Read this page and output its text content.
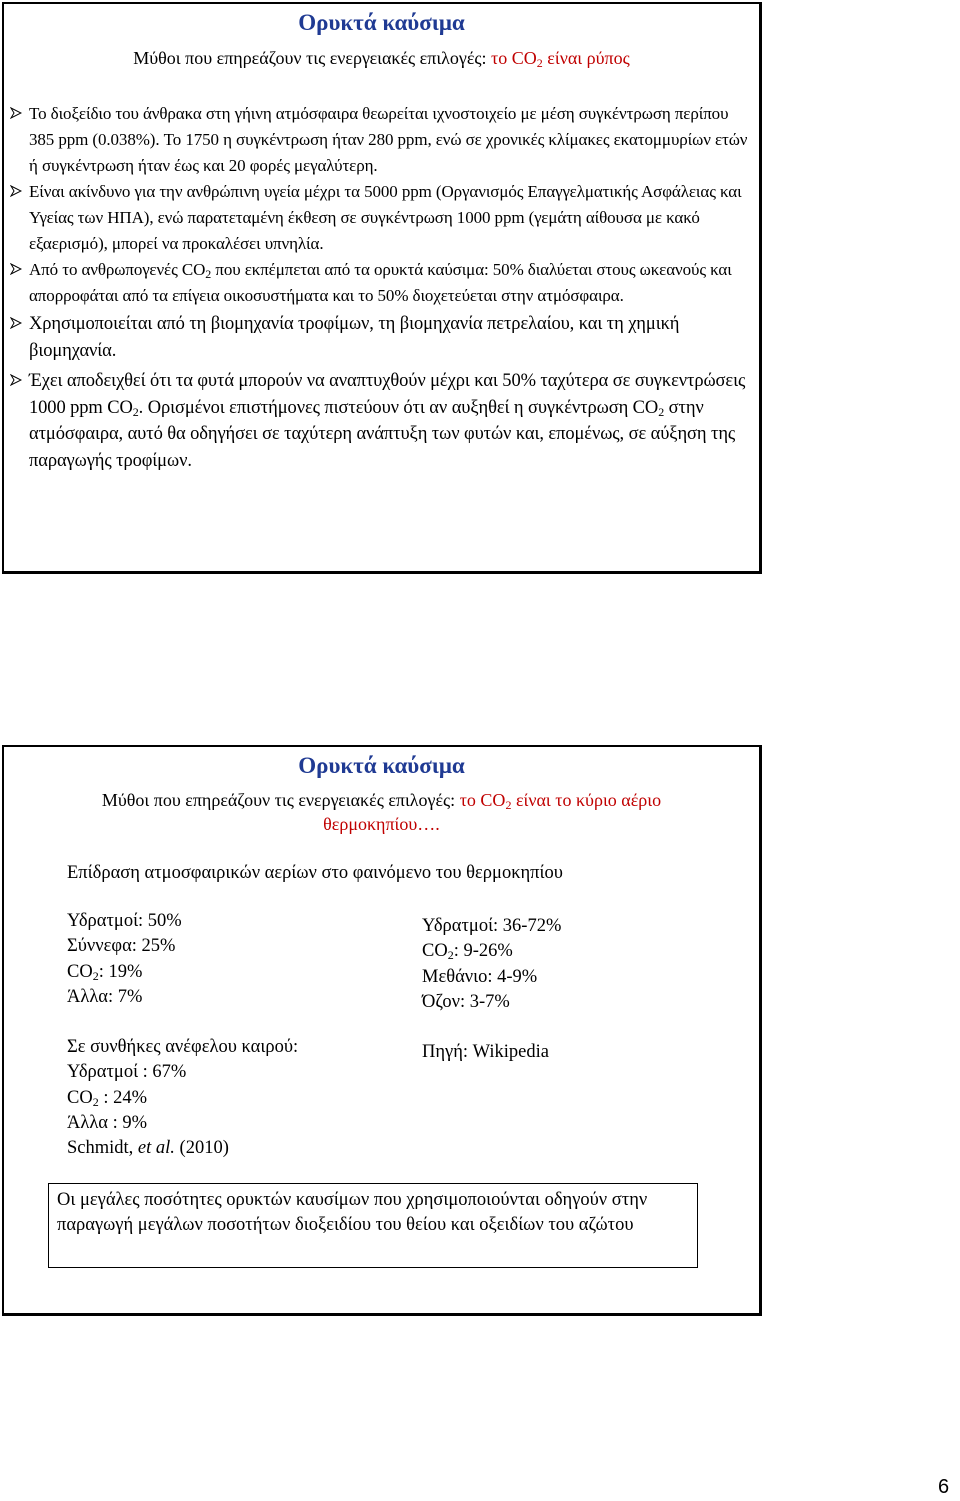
Ορυκτά καύσιμα

Μύθοι που επηρεάζουν τις ενεργειακές επιλογές: το $CO_2$ είναι ρύπος

Το διοξείδιο του άνθρακα στη γήινη ατμόσφαιρα θεωρείται ιχνοστοιχείο με μέση συγκέντρωση περίπου 385 ppm (0.038%). Το 1750 η συγκέντρωση ήταν 280 ppm, ενώ σε χρονικές κλίμακες εκατομμυρίων ετών ή συγκέντρωση ήταν έως και 20 φορές μεγαλύτερη.
Είναι ακίνδυνο για την ανθρώπινη υγεία μέχρι τα 5000 ppm (Οργανισμός Επαγγελματικής Ασφάλειας και Υγείας των ΗΠΑ), ενώ παρατεταμένη έκθεση σε συγκέντρωση 1000 ppm (γεμάτη αίθουσα με κακό εξαερισμό), μπορεί να προκαλέσει υπνηλία.
Από το ανθρωπογενές $CO_2$ που εκπέμπεται από τα ορυκτά καύσιμα: 50% διαλύεται στους ωκεανούς και απορροφάται από τα επίγεια οικοσυστήματα και το 50% διοχετεύεται στην ατμόσφαιρα.
Χρησιμοποιείται από τη βιομηχανία τροφίμων, τη βιομηχανία πετρελαίου, και τη χημική βιομηχανία.
Έχει αποδειχθεί ότι τα φυτά μπορούν να αναπτυχθούν μέχρι και 50% ταχύτερα σε συγκεντρώσεις 1000 ppm $CO_2$. Ορισμένοι επιστήμονες πιστεύουν ότι αν αυξηθεί η συγκέντρωση $CO_2$ στην ατμόσφαιρα, αυτό θα οδηγήσει σε ταχύτερη ανάπτυξη των φυτών και, επομένως, σε αύξηση της παραγωγής τροφίμων.
Ορυκτά καύσιμα

Μύθοι που επηρεάζουν τις ενεργειακές επιλογές: το $CO_2$ είναι το κύριο αέριο θερμοκηπίου….

Επίδραση ατμοσφαιρικών αερίων στο φαινόμενο του θερμοκηπίου
Υδρατμοί: 50%
Σύννεφα: 25%
$CO_2$: 19%
Άλλα: 7%
Σε συνθήκες ανέφελου καιρού:
Υδρατμοί : 67%
$CO_2$ : 24%
Άλλα : 9%
Schmidt, et al. (2010)
Υδρατμοί: 36-72%
$CO_2$: 9-26%
Μεθάνιο: 4-9%
Όζον: 3-7%
Πηγή: Wikipedia
Οι μεγάλες ποσότητες ορυκτών καυσίμων που χρησιμοποιούνται οδηγούν στην παραγωγή μεγάλων ποσοτήτων διοξειδίου του θείου και οξειδίων του αζώτου
6
